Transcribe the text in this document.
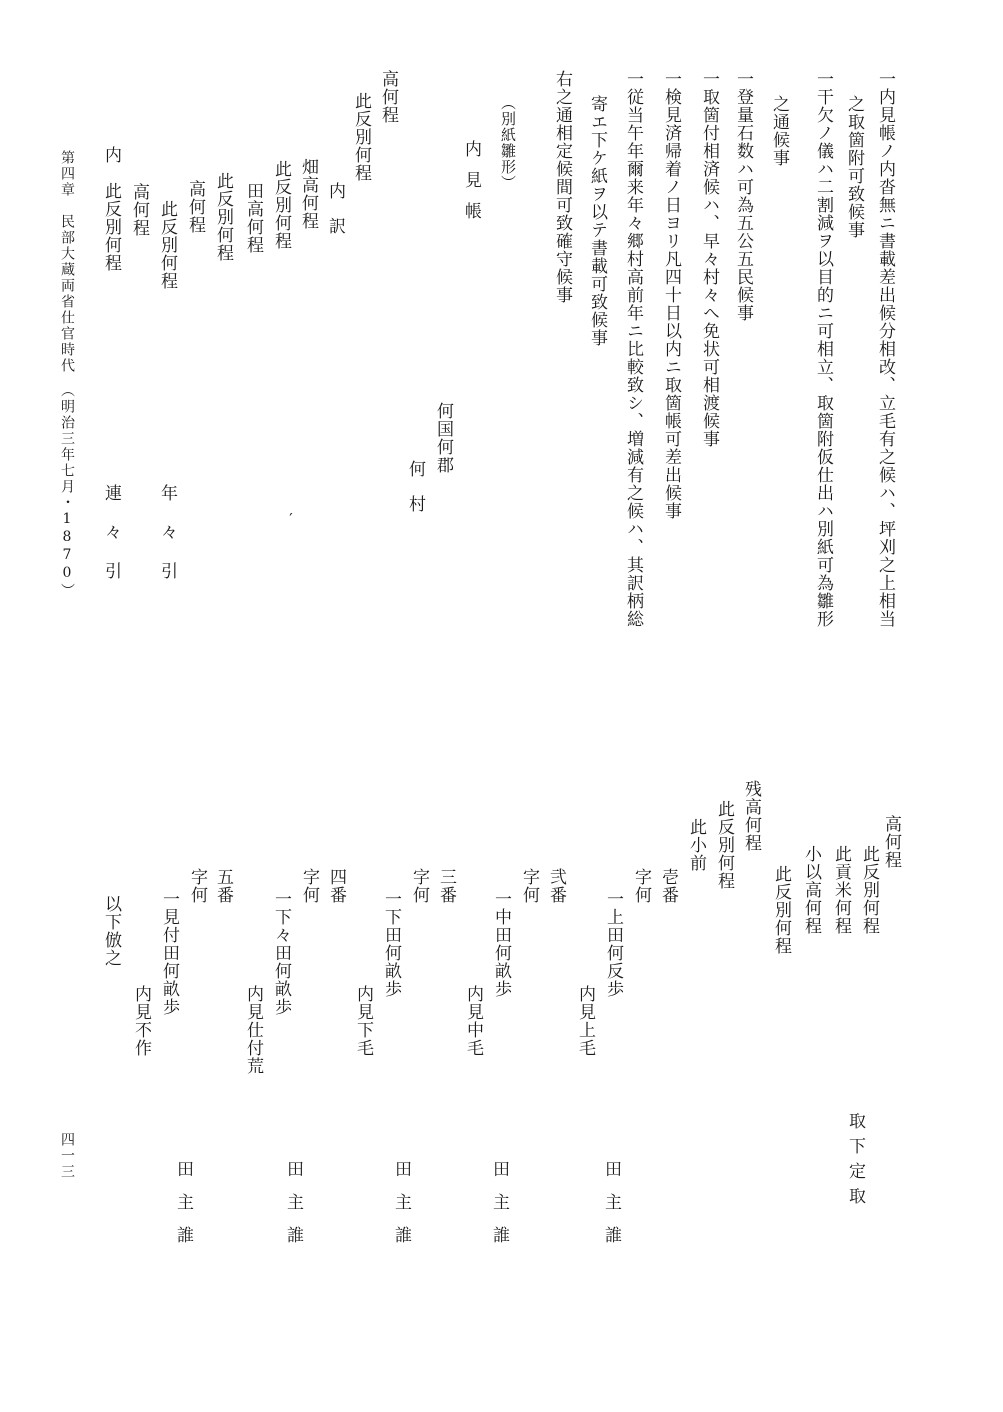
一内見帳ノ内沓無ニ書載差出候分相改、立毛有之候ハ、坪刈之上相当
之取箇附可致候事
一干欠ノ儀ハ二割減ヲ以目的ニ可相立、取箇附仮仕出ハ別紙可為雛形
之通候事
一登量石数ハ可為五公五民候事
一取箇付相済候ハ、早々村々へ免状可相渡候事
一検見済帰着ノ日ヨリ凡四十日以内ニ取箇帳可差出候事
一従当午年爾来年々郷村高前年ニ比較致シ、増減有之候ハ、其訳柄総
寄エ下ケ紙ヲ以テ書載可致候事
右之通相定候間可致確守候事
（別紙雛形）
内見帳
何国何郡
何村
高何程
此反別何程
内訳
畑高何程
此反別何程
田高何程
此反別何程
高何程
此反別何程
年々引
高何程
内　此反別何程
連々引	′
高何程
此反別何程
此貢米何程
小以高何程
此反別何程
残高何程
此反別何程
此小前
取下定取
壱番
字何
一上田何反歩
内見上毛
田主誰
弐番
字何
一中田何畝歩
内見中毛
田主誰
三番
字何
一下田何畝歩
内見下毛
田主誰
四番
字何
一下々田何畝歩
内見仕付荒
田主誰
五番
字何
一見付田何畝歩
内見不作
田主誰
以下倣之
第四章　民部大蔵両省仕官時代　（明治三年七月・1870）
四一三
